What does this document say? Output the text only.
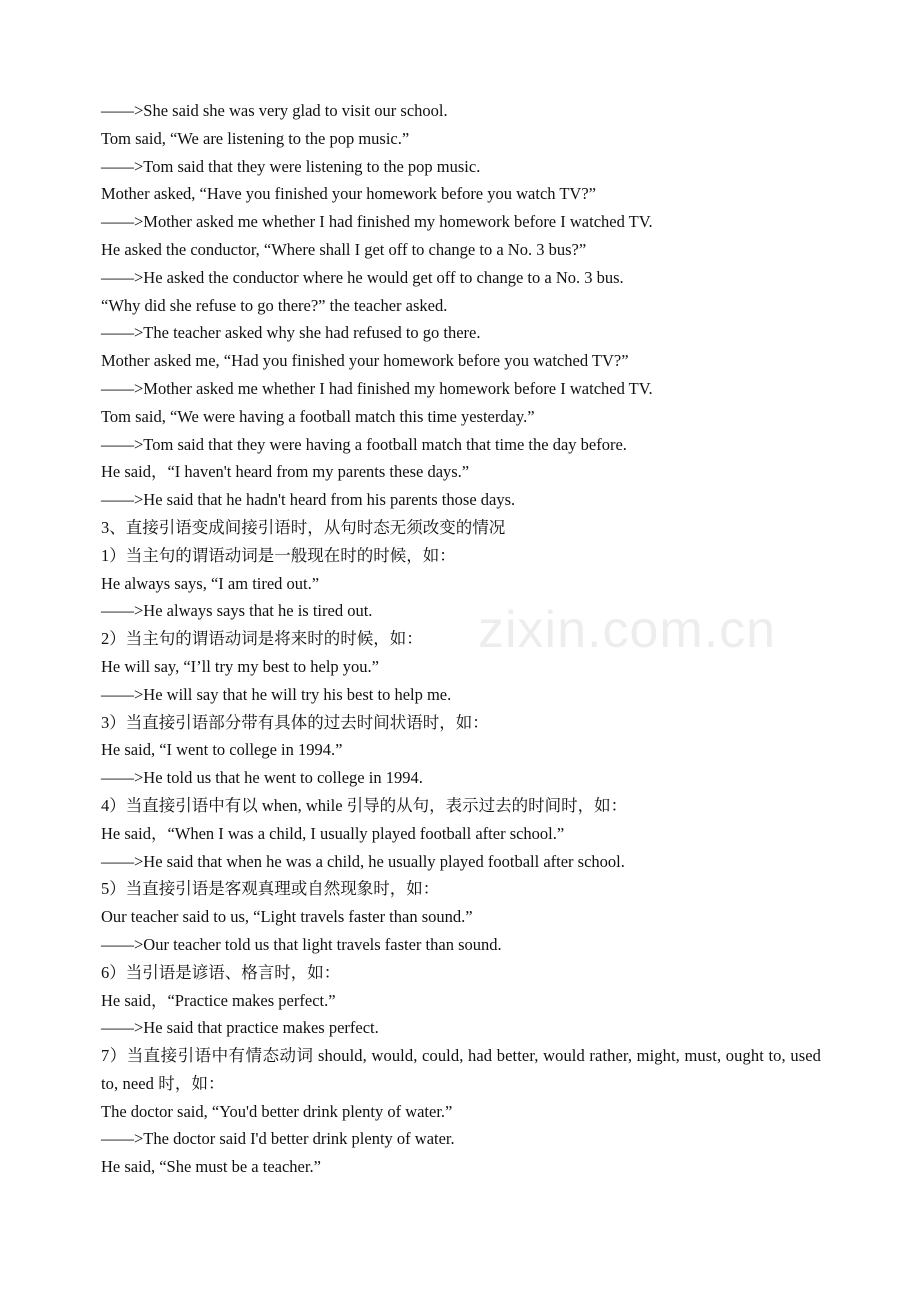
——>She said she was very glad to visit our school.
Tom said, “We are listening to the pop music.”
——>Tom said that they were listening to the pop music.
Mother asked, “Have you finished your homework before you watch TV?”
——>Mother asked me whether I had finished my homework before I watched TV.
He asked the conductor, “Where shall I get off to change to a No. 3 bus?”
——>He asked the conductor where he would get off to change to a No. 3 bus.
“Why did she refuse to go there?” the teacher asked.
——>The teacher asked why she had refused to go there.
Mother asked me, “Had you finished your homework before you watched TV?”
——>Mother asked me whether I had finished my homework before I watched TV.
Tom said, “We were having a football match this time yesterday.”
——>Tom said that they were having a football match that time the day before.
He said，“I haven't heard from my parents these days.”
——>He said that he hadn't heard from his parents those days.
3、直接引语变成间接引语时，从句时态无须改变的情况
1）当主句的谓语动词是一般现在时的时候，如：
He always says, “I am tired out.”
——>He always says that he is tired out.
2）当主句的谓语动词是将来时的时候，如：
He will say, “I’ll try my best to help you.”
——>He will say that he will try his best to help me.
3）当直接引语部分带有具体的过去时间状语时，如：
He said, “I went to college in 1994.”
——>He told us that he went to college in 1994.
4）当直接引语中有以 when, while 引导的从句，表示过去的时间时，如：
He said，“When I was a child, I usually played football after school.”
——>He said that when he was a child, he usually played football after school.
5）当直接引语是客观真理或自然现象时，如：
Our teacher said to us, “Light travels faster than sound.”
——>Our teacher told us that light travels faster than sound.
6）当引语是谚语、格言时，如：
He said，“Practice makes perfect.”
——>He said that practice makes perfect.
7）当直接引语中有情态动词 should, would, could, had better, would rather, might, must, ought to, used to, need 时，如：
The doctor said, “You'd better drink plenty of water.”
——>The doctor said I'd better drink plenty of water.
He said, “She must be a teacher.”
zixin.com.cn
